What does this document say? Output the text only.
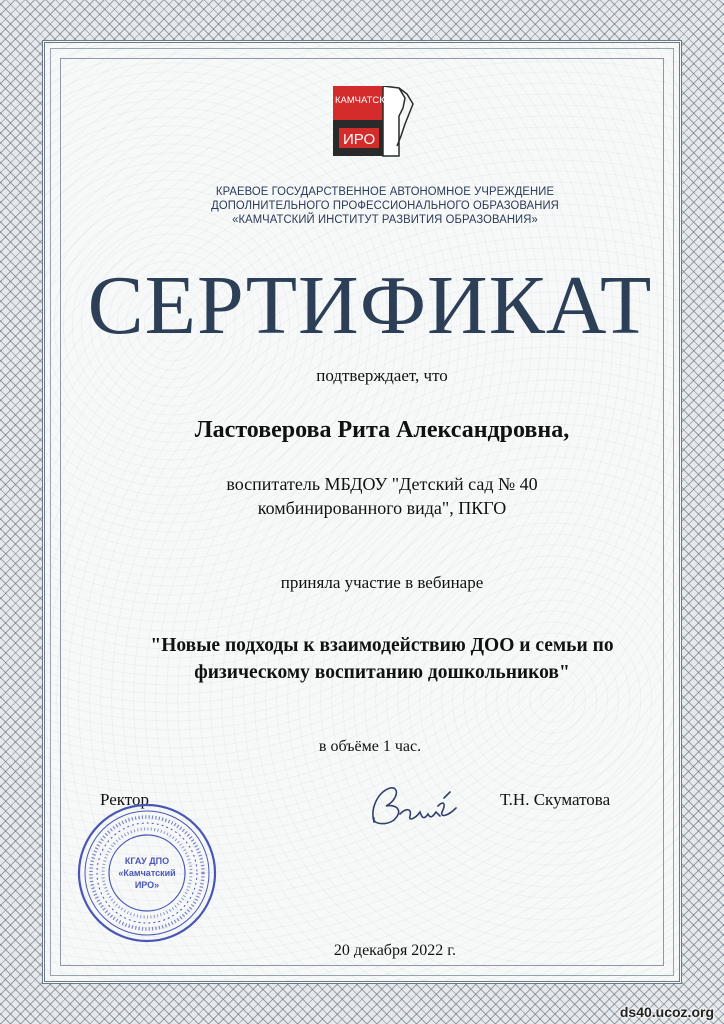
КАМЧАТСКИЙ
ИРО
КРАЕВОЕ ГОСУДАРСТВЕННОЕ АВТОНОМНОЕ УЧРЕЖДЕНИЕ
ДОПОЛНИТЕЛЬНОГО ПРОФЕССИОНАЛЬНОГО ОБРАЗОВАНИЯ
«КАМЧАТСКИЙ ИНСТИТУТ РАЗВИТИЯ ОБРАЗОВАНИЯ»
СЕРТИФИКАТ
подтверждает, что
Ластоверова Рита Александровна,
воспитатель МБДОУ "Детский сад № 40
комбинированного вида", ПКГО
приняла участие в вебинаре
"Новые подходы к взаимодействию ДОО и семьи по
физическому воспитанию дошкольников"
в объёме 1 час.
Ректор	Т.Н. Скуматова
КГАУ ДПО
«Камчатский
ИРО»
20 декабря 2022 г.
ds40.ucoz.org
